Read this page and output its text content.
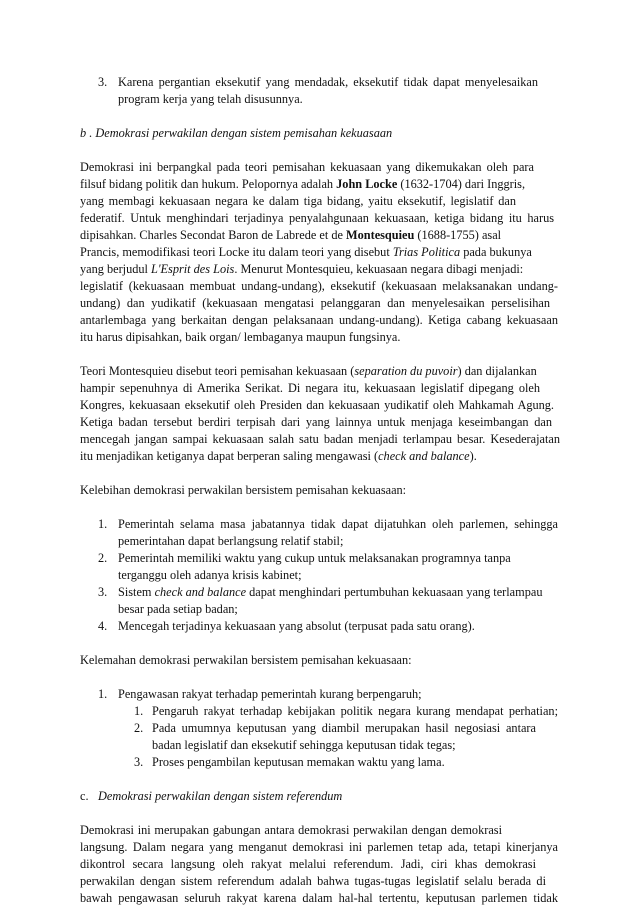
3. Karena pergantian eksekutif yang mendadak, eksekutif tidak dapat menyelesaikan

program kerja yang telah disusunnya.

b . Demokrasi perwakilan dengan sistem pemisahan kekuasaan

Demokrasi ini berpangkal pada teori pemisahan kekuasaan yang dikemukakan oleh para

filsuf bidang politik dan hukum. Pelopornya adalah John Locke (1632-1704) dari Inggris,

yang membagi kekuasaan negara ke dalam tiga bidang, yaitu eksekutif, legislatif dan

federatif. Untuk menghindari terjadinya penyalahgunaan kekuasaan, ketiga bidang itu harus

dipisahkan. Charles Secondat Baron de Labrede et de Montesquieu (1688-1755) asal

Prancis, memodifikasi teori Locke itu dalam teori yang disebut Trias Politica pada bukunya

yang berjudul L'Esprit des Lois. Menurut Montesquieu, kekuasaan negara dibagi menjadi:

legislatif (kekuasaan membuat undang-undang), eksekutif (kekuasaan melaksanakan undang-

undang) dan yudikatif (kekuasaan mengatasi pelanggaran dan menyelesaikan perselisihan

antarlembaga yang berkaitan dengan pelaksanaan undang-undang). Ketiga cabang kekuasaan

itu harus dipisahkan, baik organ/ lembaganya maupun fungsinya.

Teori Montesquieu disebut teori pemisahan kekuasaan (separation du puvoir) dan dijalankan

hampir sepenuhnya di Amerika Serikat. Di negara itu, kekuasaan legislatif dipegang oleh

Kongres, kekuasaan eksekutif oleh Presiden dan kekuasaan yudikatif oleh Mahkamah Agung.

Ketiga badan tersebut berdiri terpisah dari yang lainnya untuk menjaga keseimbangan dan

mencegah jangan sampai kekuasaan salah satu badan menjadi terlampau besar. Kesederajatan

itu menjadikan ketiganya dapat berperan saling mengawasi (check and balance).

Kelebihan demokrasi perwakilan bersistem pemisahan kekuasaan:

1. Pemerintah selama masa jabatannya tidak dapat dijatuhkan oleh parlemen, sehingga

pemerintahan dapat berlangsung relatif stabil;

2. Pemerintah memiliki waktu yang cukup untuk melaksanakan programnya tanpa

terganggu oleh adanya krisis kabinet;

3. Sistem check and balance dapat menghindari pertumbuhan kekuasaan yang terlampau

besar pada setiap badan;

4. Mencegah terjadinya kekuasaan yang absolut (terpusat pada satu orang).

Kelemahan demokrasi perwakilan bersistem pemisahan kekuasaan:

1. Pengawasan rakyat terhadap pemerintah kurang berpengaruh;

1. Pengaruh rakyat terhadap kebijakan politik negara kurang mendapat perhatian;

2. Pada umumnya keputusan yang diambil merupakan hasil negosiasi antara

badan legislatif dan eksekutif sehingga keputusan tidak tegas;

3. Proses pengambilan keputusan memakan waktu yang lama.

c. Demokrasi perwakilan dengan sistem referendum

Demokrasi ini merupakan gabungan antara demokrasi perwakilan dengan demokrasi

langsung. Dalam negara yang menganut demokrasi ini parlemen tetap ada, tetapi kinerjanya

dikontrol secara langsung oleh rakyat melalui referendum. Jadi, ciri khas demokrasi

perwakilan dengan sistem referendum adalah bahwa tugas-tugas legislatif selalu berada di

bawah pengawasan seluruh rakyat karena dalam hal-hal tertentu, keputusan parlemen tidak
